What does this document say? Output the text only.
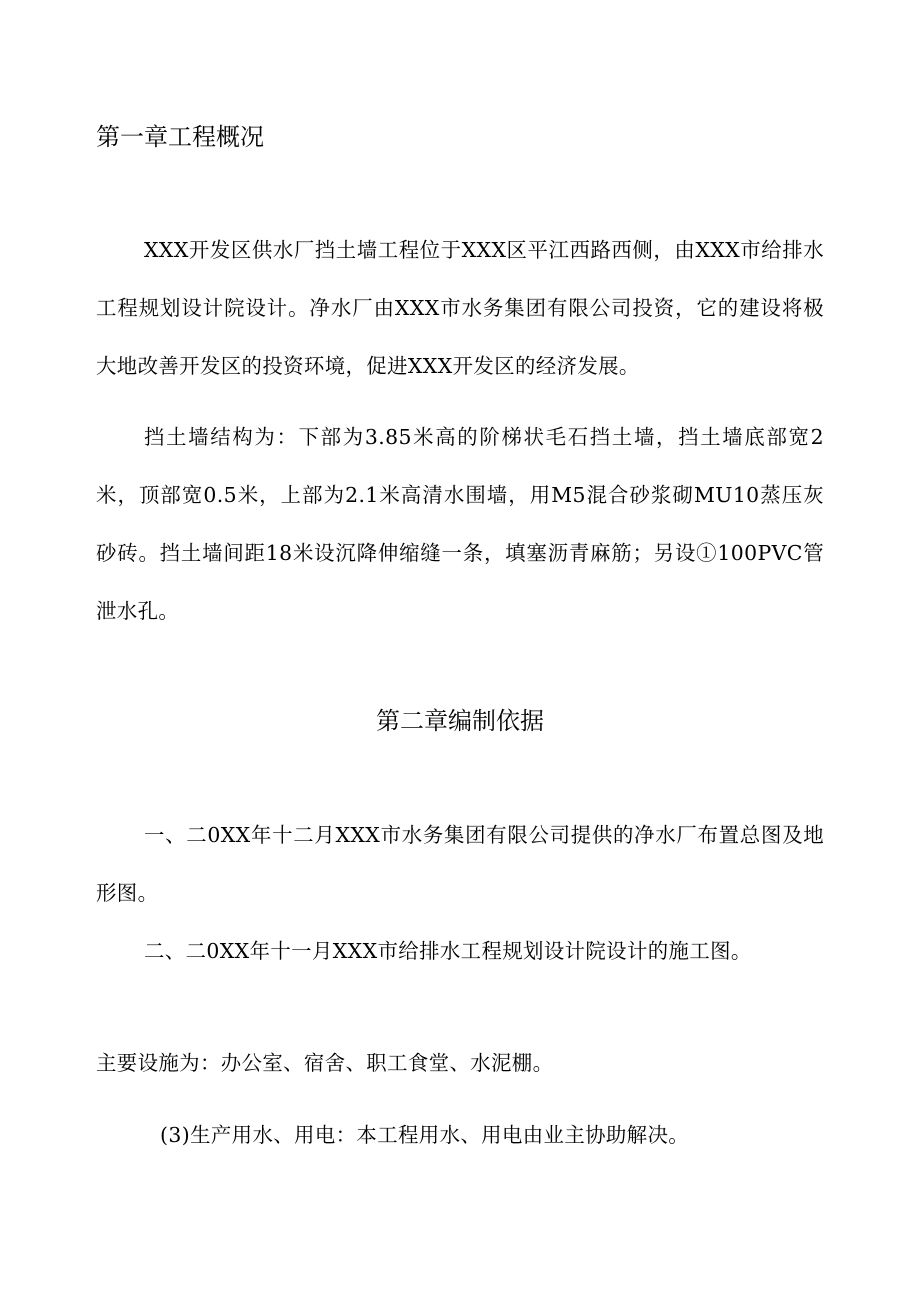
第一章工程概况

XXX开发区供水厂挡土墙工程位于XXX区平江西路西侧，由XXX市给排水工程规划设计院设计。净水厂由XXX市水务集团有限公司投资，它的建设将极大地改善开发区的投资环境，促进XXX开发区的经济发展。

挡土墙结构为：下部为3.85米高的阶梯状毛石挡土墙，挡土墙底部宽2米，顶部宽0.5米，上部为2.1米高清水围墙，用M5混合砂浆砌MU10蒸压灰砂砖。挡土墙间距18米设沉降伸缩缝一条，填塞沥青麻筋；另设①100PVC管泄水孔。

第二章编制依据

一、二0XX年十二月XXX市水务集团有限公司提供的净水厂布置总图及地形图。

二、二0XX年十一月XXX市给排水工程规划设计院设计的施工图。

主要设施为：办公室、宿舍、职工食堂、水泥棚。

(3)生产用水、用电：本工程用水、用电由业主协助解决。
